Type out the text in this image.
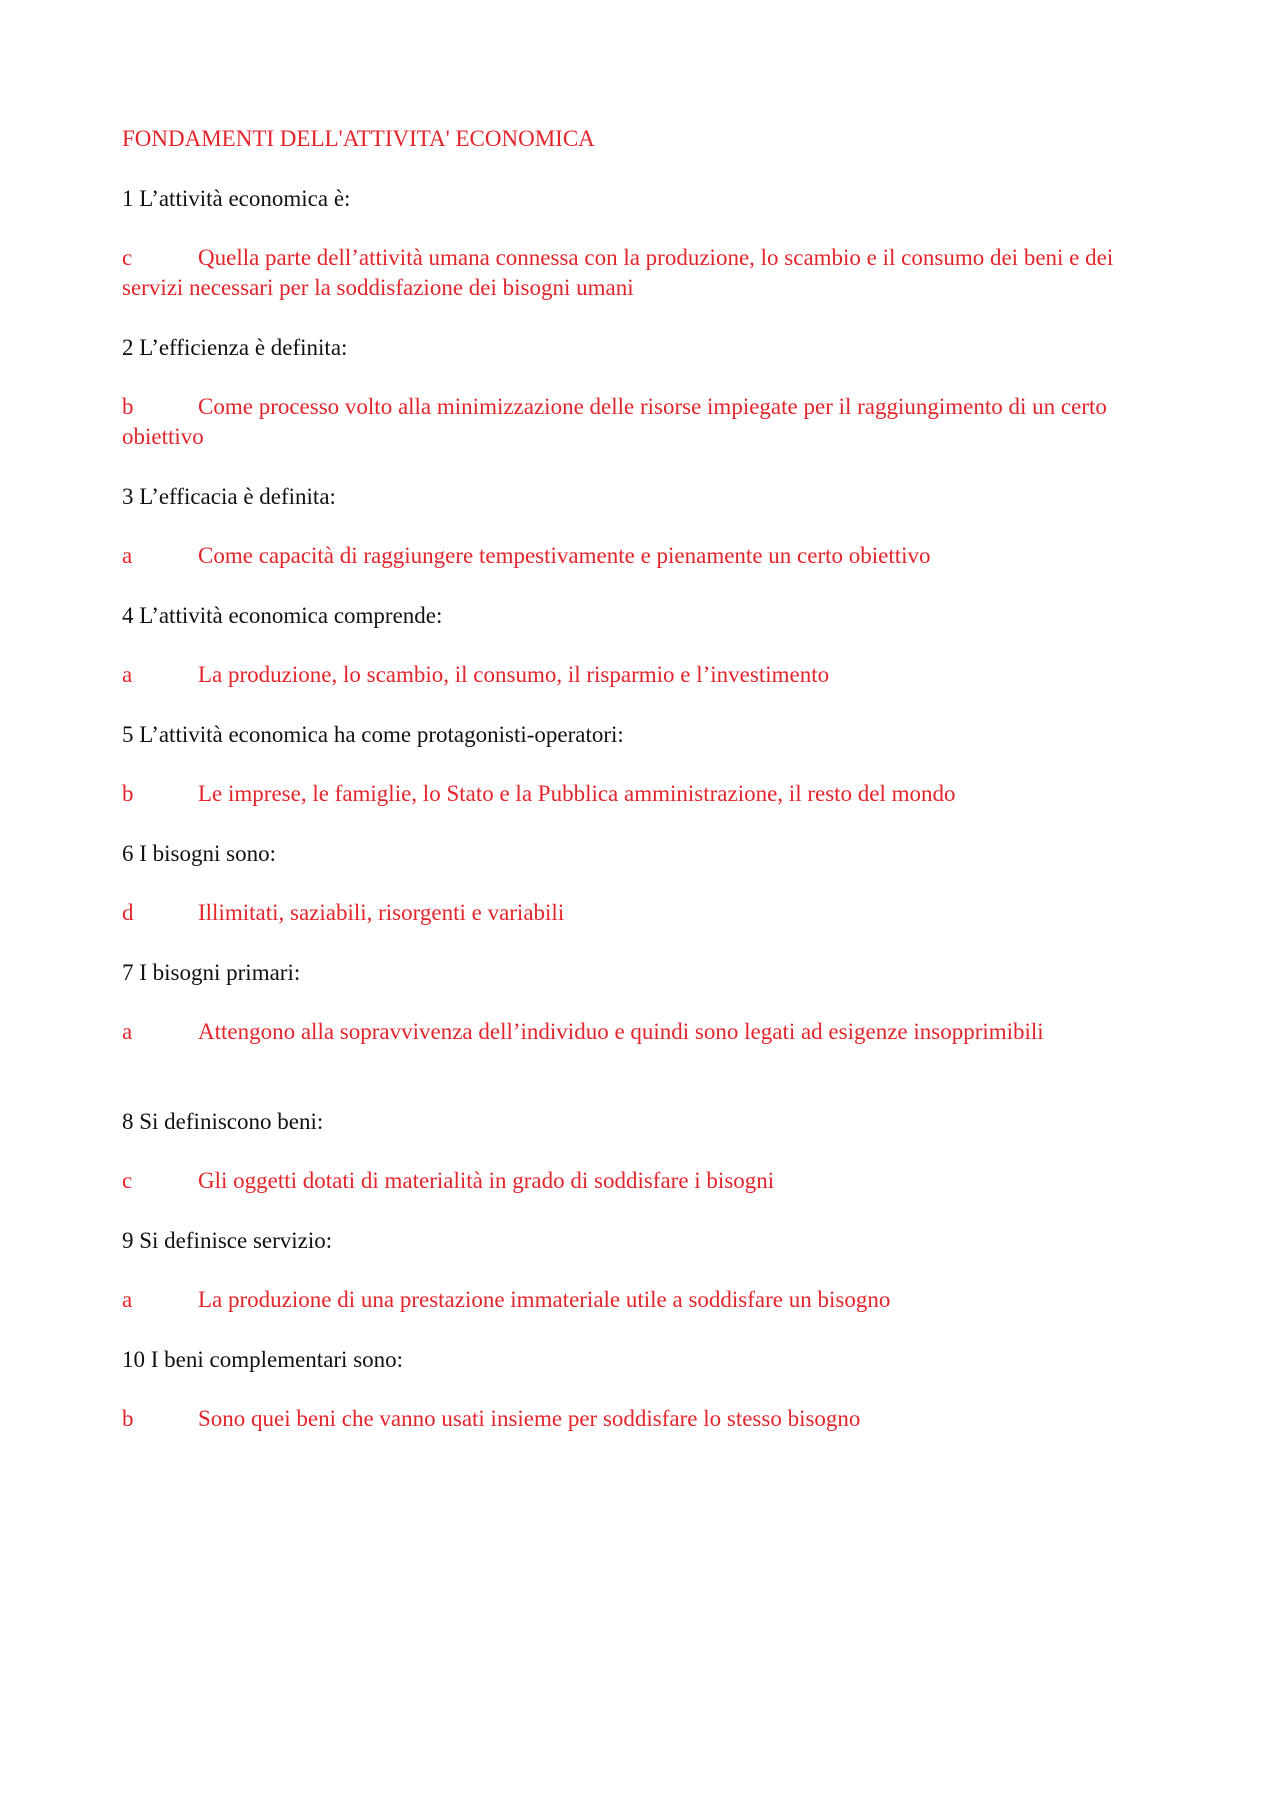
FONDAMENTI DELL'ATTIVITA' ECONOMICA
1 L’attività economica è:
c	Quella parte dell’attività umana connessa con la produzione, lo scambio e il consumo dei beni e dei servizi necessari per la soddisfazione dei bisogni umani
2 L’efficienza è definita:
b	Come processo volto alla minimizzazione delle risorse impiegate per il raggiungimento di un certo obiettivo
3 L’efficacia è definita:
a	Come capacità di raggiungere tempestivamente e pienamente un certo obiettivo
4 L’attività economica comprende:
a	La produzione, lo scambio, il consumo, il risparmio e l’investimento
5 L’attività economica ha come protagonisti-operatori:
b	Le imprese, le famiglie, lo Stato e la Pubblica amministrazione, il resto del mondo
6 I bisogni sono:
d	Illimitati, saziabili, risorgenti e variabili
7 I bisogni primari:
a	Attengono alla sopravvivenza dell’individuo e quindi sono legati ad esigenze insopprimibili
8 Si definiscono beni:
c	Gli oggetti dotati di materialità in grado di soddisfare i bisogni
9 Si definisce servizio:
a	La produzione di una prestazione immateriale utile a soddisfare un bisogno
10 I beni complementari sono:
b	Sono quei beni che vanno usati insieme per soddisfare lo stesso bisogno
